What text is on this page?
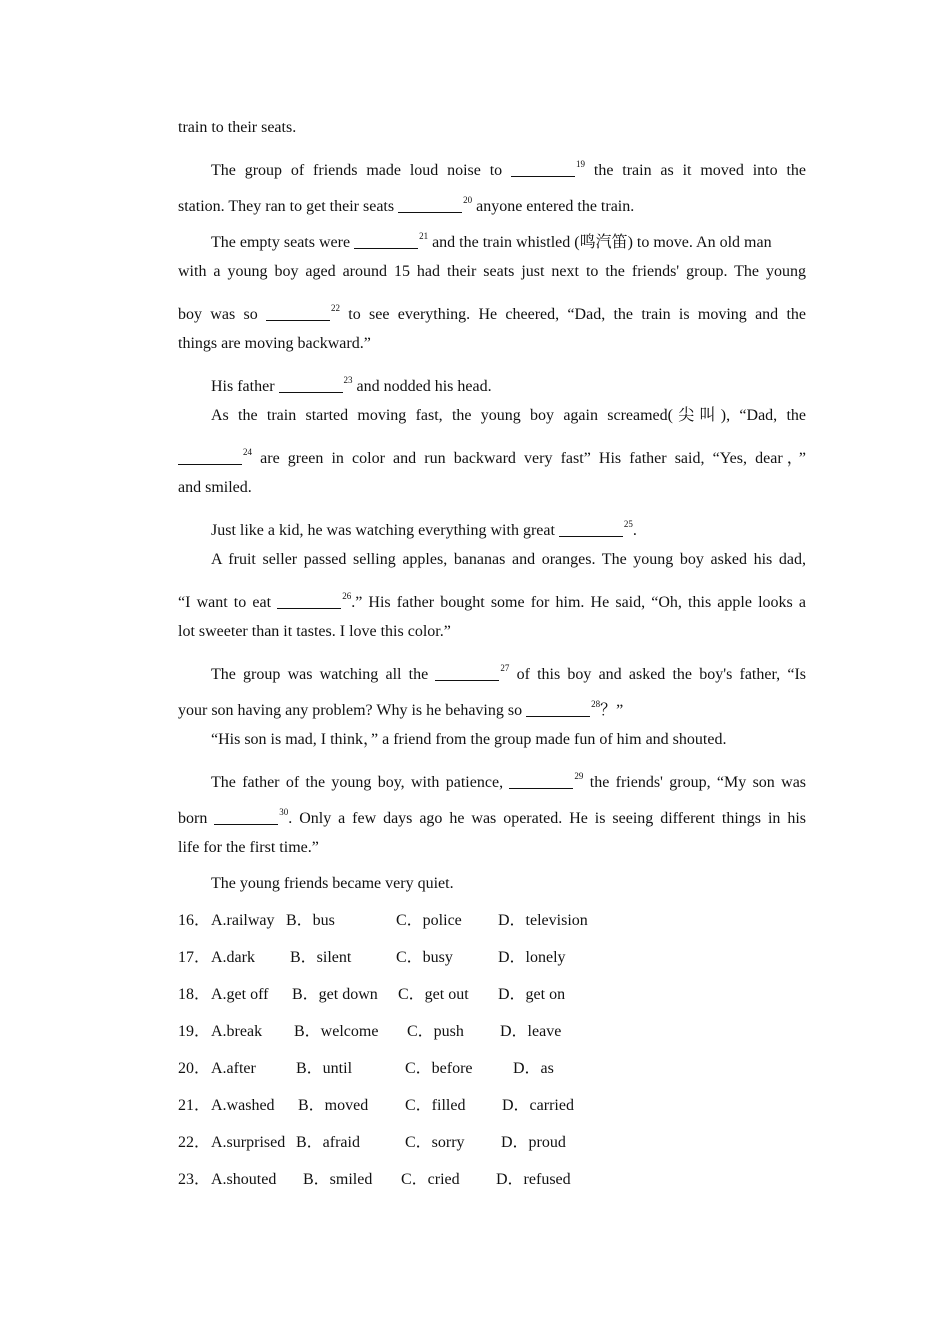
train to their seats.
The group of friends made loud noise to	$^{19}$ the train as it moved into the
station. They ran to get their seats	$^{20}$ anyone entered the train.
The empty seats were	$^{21}$ and the train whistled (鸣汽笛) to move. An old man
with a young boy aged around 15 had their seats just next to the friends' group. The young
boy was so	$^{22}$ to see everything. He cheered, “Dad, the train is moving and the
things are moving backward.”
His father	$^{23}$ and nodded his head.
As the train started moving fast, the young boy again screamed(尖叫), “Dad, the
$^{24}$ are green in color and run backward very fast” His father said, “Yes, dear，”
and smiled.
Just like a kid, he was watching everything with great	$^{25}$.
A fruit seller passed selling apples, bananas and oranges. The young boy asked his dad,
“I want to eat	$^{26}$.” His father bought some for him. He said, “Oh, this apple looks a
lot sweeter than it tastes. I love this color.”
The group was watching all the	$^{27}$ of this boy and asked the boy's father, “Is
your son having any problem? Why is he behaving so	$^{28}$？”
“His son is mad, I think，” a friend from the group made fun of him and shouted.
The father of the young boy, with patience,	$^{29}$ the friends' group, “My son was
born	$^{30}$. Only a few days ago he was operated. He is seeing different things in his
life for the first time.”
The young friends became very quiet.
16．A.railway B．bus	C．police D．television
17．A.dark B．silent	C．busy	D．lonely
18．A.get off B．get down C．get out D．get on
19．A.break B．welcome C．push D．leave
20．A.after	B．until	C．before	D．as
21．A.washed B．moved C．filled D．carried
22．A.surprised B．afraid	C．sorry D．proud
23．A.shouted B．smiled C．cried D．refused
